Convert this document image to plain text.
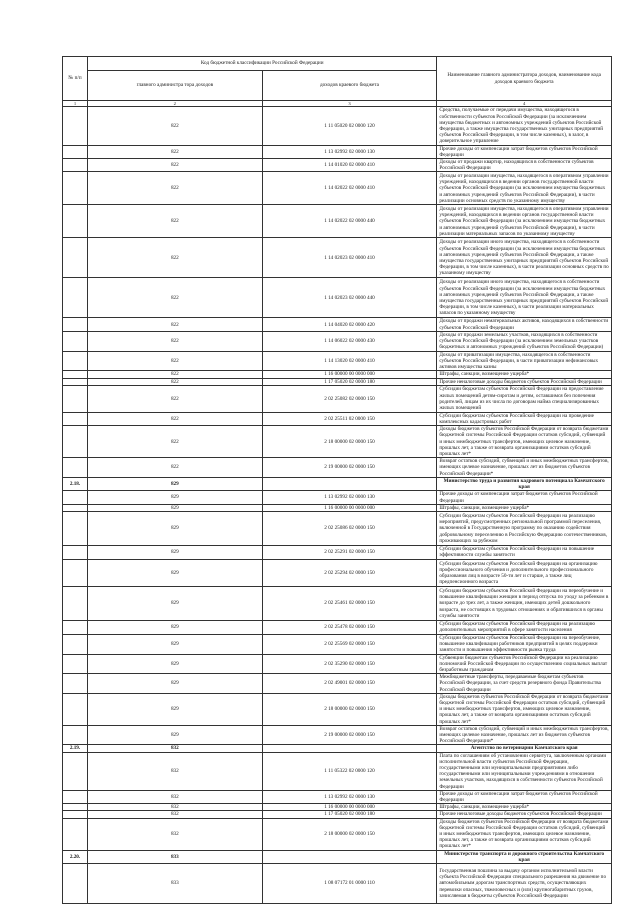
№ п/п	Код бюджетной классификации Российской Федерации		Наименование главного администратора доходов, наименование кода доходов краевого бюджета
	главного администра тора доходов	доходов краевого бюджета	
1	2	3	4
	822	1 11 05020 02 0000 120	Средства, получаемые от передачи имущества, находящегося в собственности субъектов Российской Федерации (за исключением имущества бюджетных и автономных учреждений субъектов Российской Федерации, а также имущества государственных унитарных предприятий субъектов Российской Федерации, в том числе казенных), в залог, в доверительное управление
	822	1 13 02992 02 0000 130	Прочие доходы от компенсации затрат бюджетов субъектов Российской Федерации
	822	1 14 01020 02 0000 410	Доходы от продажи квартир, находящихся в собственности субъектов Российской Федерации
	822	1 14 02022 02 0000 410	Доходы от реализации имущества, находящегося в оперативном управлении учреждений, находящихся в ведении органов государственной власти субъектов Российской Федерации (за исключением имущества бюджетных и автономных учреждений субъектов Российской Федерации), в части реализации основных средств по указанному имуществу
	822	1 14 02022 02 0000 440	Доходы от реализации имущества, находящегося в оперативном управлении учреждений, находящихся в ведении органов государственной власти субъектов Российской Федерации (за исключением имущества бюджетных и автономных учреждений субъектов Российской Федерации), в части реализации материальных запасов по указанному имуществу
	822	1 14 02023 02 0000 410	Доходы от реализации иного имущества, находящегося в собственности субъектов Российской Федерации (за исключением имущества бюджетных и автономных учреждений субъектов Российской Федерации, а также имущества государственных унитарных предприятий субъектов Российской Федерации, в том числе казенных), в части реализации основных средств по указанному имуществу
	822	1 14 02023 02 0000 440	Доходы от реализации иного имущества, находящегося в собственности субъектов Российской Федерации (за исключением имущества бюджетных и автономных учреждений субъектов Российской Федерации, а также имущества государственных унитарных предприятий субъектов Российской Федерации, в том числе казенных), в части реализации материальных запасов по указанному имуществу
	822	1 14 04020 02 0000 420	Доходы от продажи нематериальных активов, находящихся в собственности субъектов Российской Федерации
	822	1 14 06022 02 0000 430	Доходы от продажи земельных участков, находящихся в собственности субъектов Российской Федерации (за исключением земельных участков бюджетных и автономных учреждений субъектов Российской Федерации)
	822	1 14 13020 02 0000 410	Доходы от приватизации имущества, находящегося в собственности субъектов Российской Федерации, в части приватизации нефинансовых активов имущества казны
	822	1 16 00000 00 0000 000	Штрафы, санкции, возмещение ущерба*
	822	1 17 05020 02 0000 180	Прочие неналоговые доходы бюджетов субъектов Российской Федерации
	822	2 02 25082 02 0000 150	Субсидии бюджетам субъектов Российской Федерации на предоставление жилых помещений детям-сиротам и детям, оставшимся без попечения родителей, лицам из их числа по договорам найма специализированных жилых помещений
	822	2 02 25511 02 0000 150	Субсидии бюджетам субъектов Российской Федерации на проведение комплексных кадастровых работ
	822	2 18 00000 02 0000 150	Доходы бюджетов субъектов Российской Федерации от возврата бюджетами бюджетной системы Российской Федерации остатков субсидий, субвенций и иных межбюджетных трансфертов, имеющих целевое назначение, прошлых лет, а также от возврата организациями остатков субсидий прошлых лет*
	822	2 19 00000 02 0000 150	Возврат остатков субсидий, субвенций и иных межбюджетных трансфертов, имеющих целевое назначение, прошлых лет из бюджетов субъектов Российской Федерации*
2.18.	829		Министерство труда и развития кадрового потенциала Камчатского края
	829	1 13 02992 02 0000 130	Прочие доходы от компенсации затрат бюджетов субъектов Российской Федерации
	829	1 16 00000 00 0000 000	Штрафы, санкции, возмещение ущерба*
	829	2 02 25086 02 0000 150	Субсидии бюджетам субъектов Российской Федерации на реализацию мероприятий, предусмотренных региональной программой переселения, включенной в Государственную программу по оказанию содействия добровольному переселению в Российскую Федерацию соотечественников, проживающих за рубежом
	829	2 02 25291 02 0000 150	Субсидии бюджетам субъектов Российской Федерации на повышение эффективности службы занятости
	829	2 02 25294 02 0000 150	Субсидии бюджетам субъектов Российской Федерации на организацию профессионального обучения и дополнительного профессионального образования лиц в возрасте 50-ти лет и старше, а также лиц предпенсионного возраста
	829	2 02 25461 02 0000 150	Субсидии бюджетам субъектов Российской Федерации на переобучение и повышение квалификации женщин в период отпуска по уходу за ребенком в возрасте до трех лет, а также женщин, имеющих детей дошкольного возраста, не состоящих в трудовых отношениях и обратившихся в органы службы занятости
	829	2 02 25478 02 0000 150	Субсидии бюджетам субъектов Российской Федерации на реализацию дополнительных мероприятий в сфере занятости населения
	829	2 02 25569 02 0000 150	Субсидии бюджетам субъектов Российской Федерации на переобучение, повышение квалификации работников предприятий в целях поддержки занятости и повышения эффективности рынка труда
	829	2 02 35290 02 0000 150	Субвенции бюджетам субъектов Российской Федерации на реализацию полномочий Российской Федерации по осуществлению социальных выплат безработным гражданам
	829	2 02 49001 02 0000 150	Межбюджетные трансферты, передаваемые бюджетам субъектов Российской Федерации, за счет средств резервного фонда Правительства Российской Федерации
	829	2 18 00000 02 0000 150	Доходы бюджетов субъектов Российской Федерации от возврата бюджетами бюджетной системы Российской Федерации остатков субсидий, субвенций и иных межбюджетных трансфертов, имеющих целевое назначение, прошлых лет, а также от возврата организациями остатков субсидий прошлых лет*
	829	2 19 00000 02 0000 150	Возврат остатков субсидий, субвенций и иных межбюджетных трансфертов, имеющих целевое назначение, прошлых лет из бюджетов субъектов Российской Федерации*
2.19.	832		Агентство по ветеринарии Камчатского края
	832	1 11 05322 02 0000 120	Плата по соглашениям об установлении сервитута, заключенным органами исполнительной власти субъектов Российской Федерации, государственными или муниципальными предприятиями либо государственными или муниципальными учреждениями в отношении земельных участков, находящихся в собственности субъектов Российской Федерации
	832	1 13 02992 02 0000 130	Прочие доходы от компенсации затрат бюджетов субъектов Российской Федерации
	832	1 16 00000 00 0000 000	Штрафы, санкции, возмещение ущерба*
	832	1 17 05020 02 0000 180	Прочие неналоговые доходы бюджетов субъектов Российской Федерации
	832	2 18 00000 02 0000 150	Доходы бюджетов субъектов Российской Федерации от возврата бюджетами бюджетной системы Российской Федерации остатков субсидий, субвенций и иных межбюджетных трансфертов, имеющих целевое назначение, прошлых лет, а также от возврата организациями остатков субсидий прошлых лет*
2.20.	833		Министерство транспорта и дорожного строительства Камчатского края
	833	1 08 07172 01 0000 110	Государственная пошлина за выдачу органом исполнительной власти субъекта Российской Федерации специального разрешения на движение по автомобильным дорогам транспортных средств, осуществляющих перевозки опасных, тяжеловесных и (или) крупногабаритных грузов, зачисляемая в бюджеты субъектов Российской Федерации
